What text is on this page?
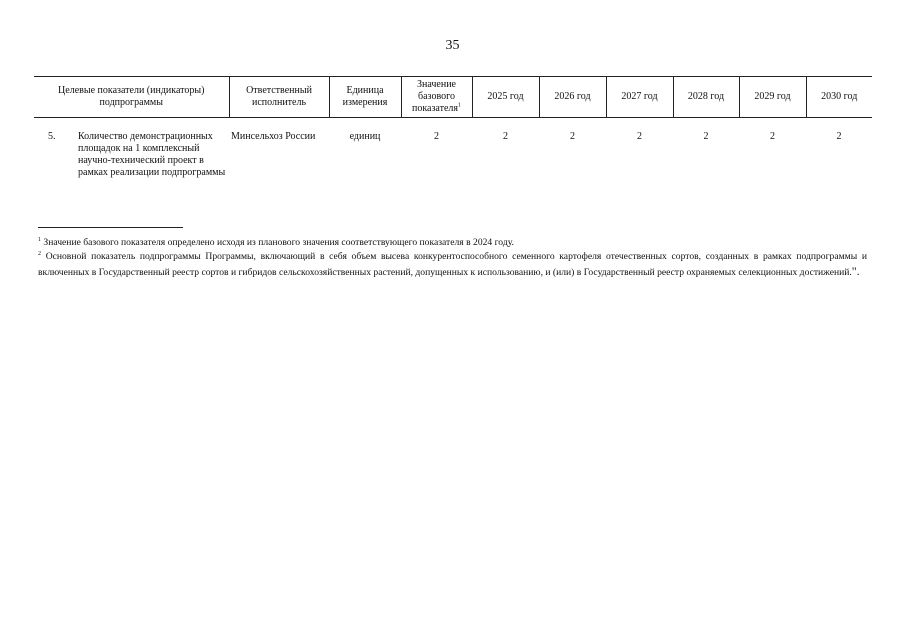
35
Целевые показатели (индикаторы) подпрограммы	Ответственный исполнитель	Единица измерения	Значение базового показателя$^1$	2025 год	2026 год	2027 год	2028 год	2029 год	2030 год

5. Количество демонстрационных площадок на 1 комплексный научно-технический проект в рамках реализации подпрограммы	Минсельхоз России	единиц	2	2	2	2	2	2	2

$^1$ Значение базового показателя определено исходя из планового значения соответствующего показателя в 2024 году.

$^2$ Основной показатель подпрограммы Программы, включающий в себя объем высева конкурентоспособного семенного картофеля отечественных сортов, созданных в рамках подпрограммы и включенных в Государственный реестр сортов и гибридов сельскохозяйственных растений, допущенных к использованию, и (или) в Государственный реестр охраняемых селекционных достижений.".
